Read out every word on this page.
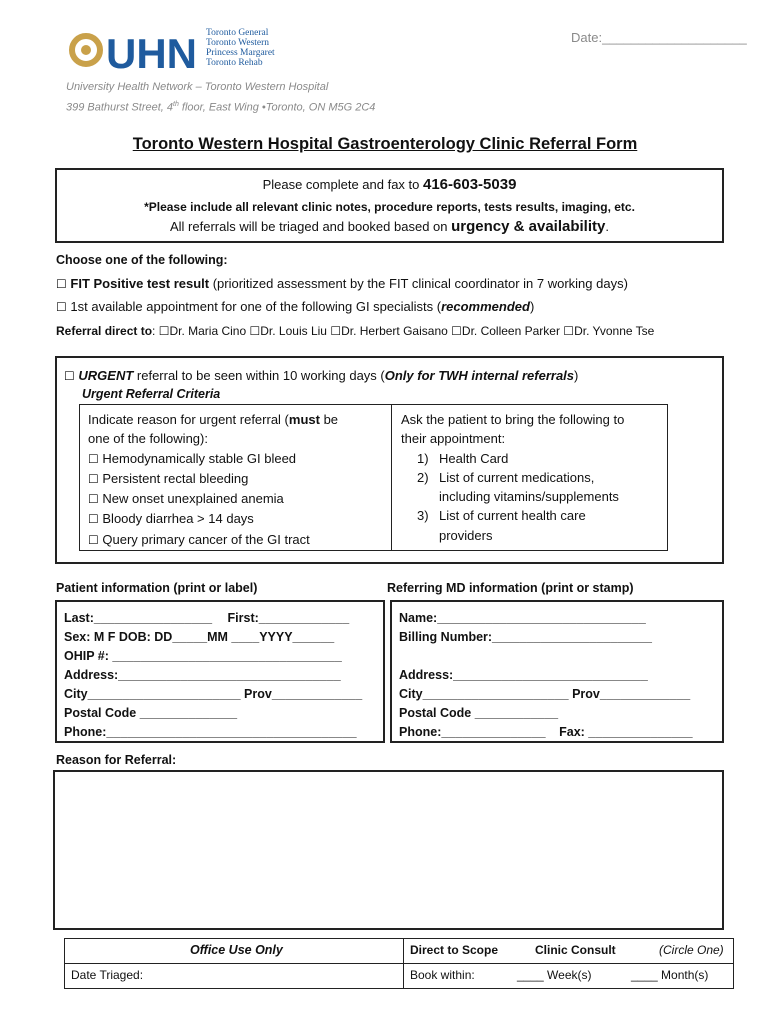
Date:____________________
UHN Toronto General
Toronto Western
Princess Margaret
Toronto Rehab
University Health Network – Toronto Western Hospital
399 Bathurst Street, 4th floor, East Wing •Toronto, ON M5G 2C4
Toronto Western Hospital Gastroenterology Clinic Referral Form
Please complete and fax to 416-603-5039
*Please include all relevant clinic notes, procedure reports, tests results, imaging, etc.
All referrals will be triaged and booked based on urgency & availability.
Choose one of the following:
☐ FIT Positive test result (prioritized assessment by the FIT clinical coordinator in 7 working days)
☐ 1st available appointment for one of the following GI specialists (recommended)
Referral direct to: ☐Dr. Maria Cino ☐Dr. Louis Liu ☐Dr. Herbert Gaisano ☐Dr. Colleen Parker ☐Dr. Yvonne Tse
☐ URGENT referral to be seen within 10 working days (Only for TWH internal referrals)
Urgent Referral Criteria
Indicate reason for urgent referral (must be
one of the following):
☐ Hemodynamically stable GI bleed
☐ Persistent rectal bleeding
☐ New onset unexplained anemia
☐ Bloody diarrhea > 14 days
☐ Query primary cancer of the GI tract
Ask the patient to bring the following to
their appointment:
1) Health Card
2) List of current medications,
including vitamins/supplements
3) List of current health care
providers
Patient information (print or label)	Referring MD information (print or stamp)
Last:_________________ First:_____________
Sex: M F DOB: DD_____MM ____YYYY______
OHIP #: _________________________________
Address:________________________________
City______________________ Prov_____________
Postal Code ______________
Phone:____________________________________
Name:______________________________
Billing Number:_______________________

Address:____________________________
City_____________________ Prov_____________
Postal Code ____________
Phone:_______________ Fax: _______________
Reason for Referral:
Office Use Only	Direct to Scope	Clinic Consult	(Circle One)
Date Triaged:	Book within:	____ Week(s)	____ Month(s)
